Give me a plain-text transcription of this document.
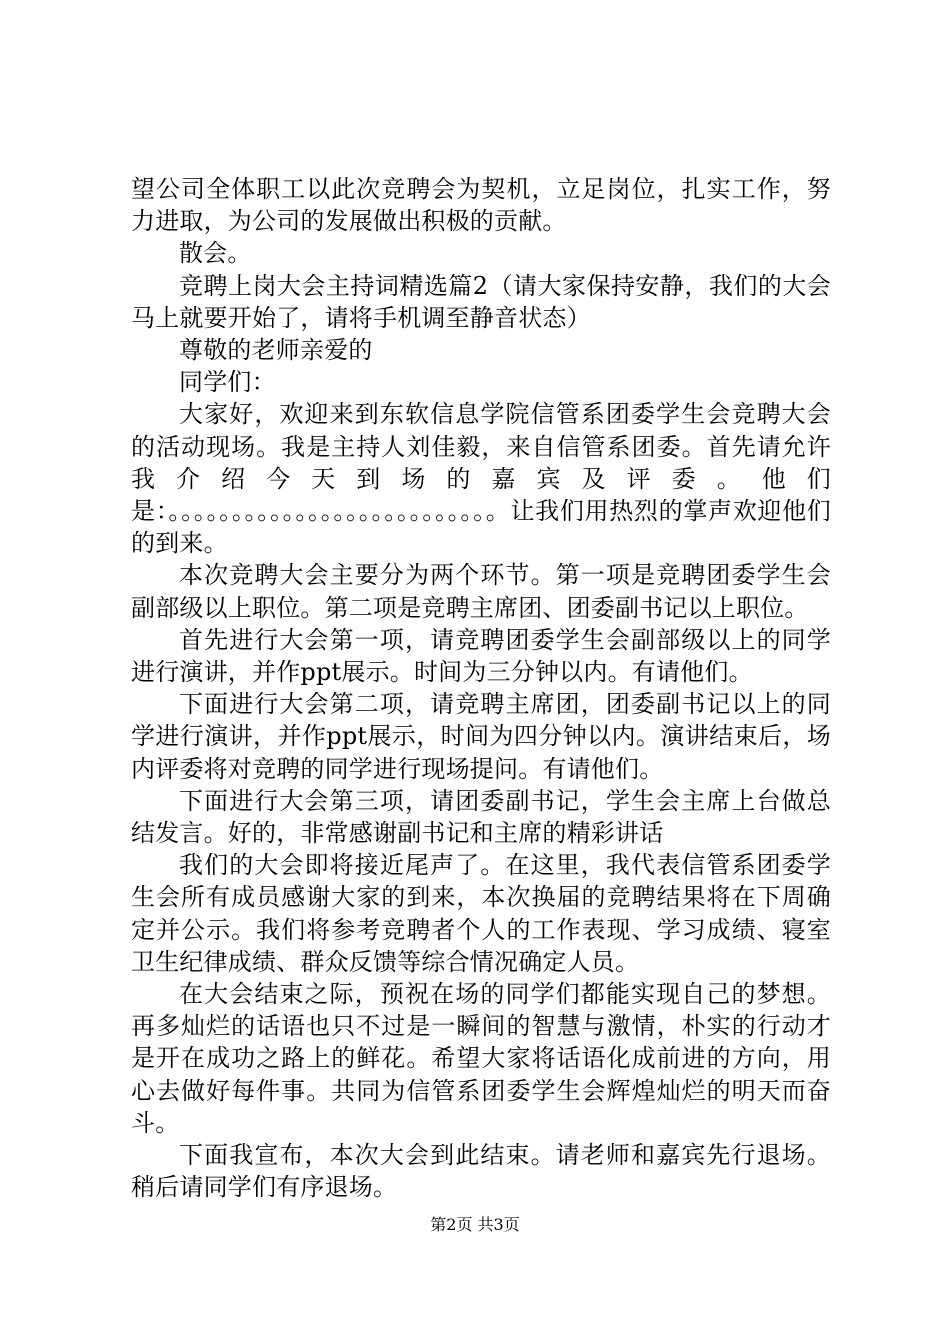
望公司全体职工以此次竞聘会为契机，立足岗位，扎实工作，努力进取，为公司的发展做出积极的贡献。

散会。

竞聘上岗大会主持词精选篇2（请大家保持安静，我们的大会马上就要开始了，请将手机调至静音状态）

尊敬的老师亲爱的

同学们：

大家好，欢迎来到东软信息学院信管系团委学生会竞聘大会的活动现场。我是主持人刘佳毅，来自信管系团委。首先请允许我介绍今天到场的嘉宾及评委。他们是：。。。。。。。。。。。。。。。。。。。。。。。。。。让我们用热烈的掌声欢迎他们的到来。

本次竞聘大会主要分为两个环节。第一项是竞聘团委学生会副部级以上职位。第二项是竞聘主席团、团委副书记以上职位。

首先进行大会第一项，请竞聘团委学生会副部级以上的同学进行演讲，并作ppt展示。时间为三分钟以内。有请他们。

下面进行大会第二项，请竞聘主席团，团委副书记以上的同学进行演讲，并作ppt展示，时间为四分钟以内。演讲结束后，场内评委将对竞聘的同学进行现场提问。有请他们。

下面进行大会第三项，请团委副书记，学生会主席上台做总结发言。好的，非常感谢副书记和主席的精彩讲话

我们的大会即将接近尾声了。在这里，我代表信管系团委学生会所有成员感谢大家的到来，本次换届的竞聘结果将在下周确定并公示。我们将参考竞聘者个人的工作表现、学习成绩、寝室卫生纪律成绩、群众反馈等综合情况确定人员。

在大会结束之际，预祝在场的同学们都能实现自己的梦想。再多灿烂的话语也只不过是一瞬间的智慧与激情，朴实的行动才是开在成功之路上的鲜花。希望大家将话语化成前进的方向，用心去做好每件事。共同为信管系团委学生会辉煌灿烂的明天而奋斗。

下面我宣布，本次大会到此结束。请老师和嘉宾先行退场。稍后请同学们有序退场。

第2页 共3页
